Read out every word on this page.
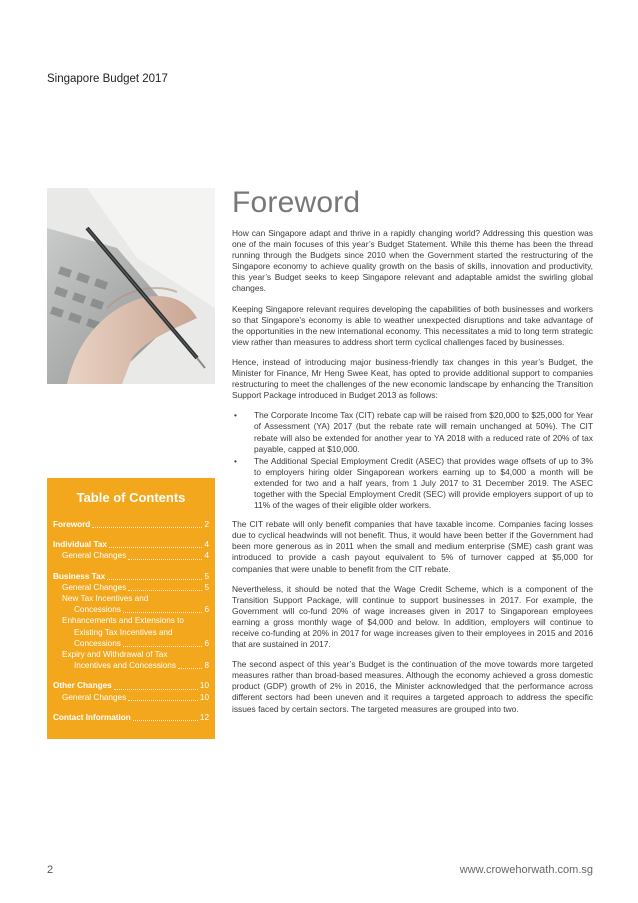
Singapore Budget 2017
Table of Contents
Foreword	2
Individual Tax	4
General Changes	4
Business Tax	5
General Changes	5
New Tax Incentives and
Concessions	6
Enhancements and Extensions to
Existing Tax Incentives and
Concessions	6
Expiry and Withdrawal of Tax
Incentives and Concessions	8
Other Changes	10
General Changes	10
Contact Information	12
Foreword

How can Singapore adapt and thrive in a rapidly changing world? Addressing this question was one of the main focuses of this year’s Budget Statement. While this theme has been the thread running through the Budgets since 2010 when the Government started the restructuring of the Singapore economy to achieve quality growth on the basis of skills, innovation and productivity, this year’s Budget seeks to keep Singapore relevant and adaptable amidst the swirling global changes.

Keeping Singapore relevant requires developing the capabilities of both businesses and workers so that Singapore’s economy is able to weather unexpected disruptions and take advantage of the opportunities in the new international economy. This necessitates a mid to long term strategic view rather than measures to address short term cyclical challenges faced by businesses.

Hence, instead of introducing major business-friendly tax changes in this year’s Budget, the Minister for Finance, Mr Heng Swee Keat, has opted to provide additional support to companies restructuring to meet the challenges of the new economic landscape by enhancing the Transition Support Package introduced in Budget 2013 as follows:

• The Corporate Income Tax (CIT) rebate cap will be raised from $20,000 to $25,000 for Year of Assessment (YA) 2017 (but the rebate rate will remain unchanged at 50%). The CIT rebate will also be extended for another year to YA 2018 with a reduced rate of 20% of tax payable, capped at $10,000.
• The Additional Special Employment Credit (ASEC) that provides wage offsets of up to 3% to employers hiring older Singaporean workers earning up to $4,000 a month will be extended for two and a half years, from 1 July 2017 to 31 December 2019. The ASEC together with the Special Employment Credit (SEC) will provide employers support of up to 11% of the wages of their eligible older workers.

The CIT rebate will only benefit companies that have taxable income. Companies facing losses due to cyclical headwinds will not benefit. Thus, it would have been better if the Government had been more generous as in 2011 when the small and medium enterprise (SME) cash grant was introduced to provide a cash payout equivalent to 5% of turnover capped at $5,000 for companies that were unable to benefit from the CIT rebate.

Nevertheless, it should be noted that the Wage Credit Scheme, which is a component of the Transition Support Package, will continue to support businesses in 2017. For example, the Government will co-fund 20% of wage increases given in 2017 to Singaporean employees earning a gross monthly wage of $4,000 and below. In addition, employers will continue to receive co-funding at 20% in 2017 for wage increases given to their employees in 2015 and 2016 that are sustained in 2017.

The second aspect of this year’s Budget is the continuation of the move towards more targeted measures rather than broad-based measures. Although the economy achieved a gross domestic product (GDP) growth of 2% in 2016, the Minister acknowledged that the performance across different sectors had been uneven and it requires a targeted approach to address the specific issues faced by certain sectors. The targeted measures are grouped into two.

2	www.crowehorwath.com.sg
